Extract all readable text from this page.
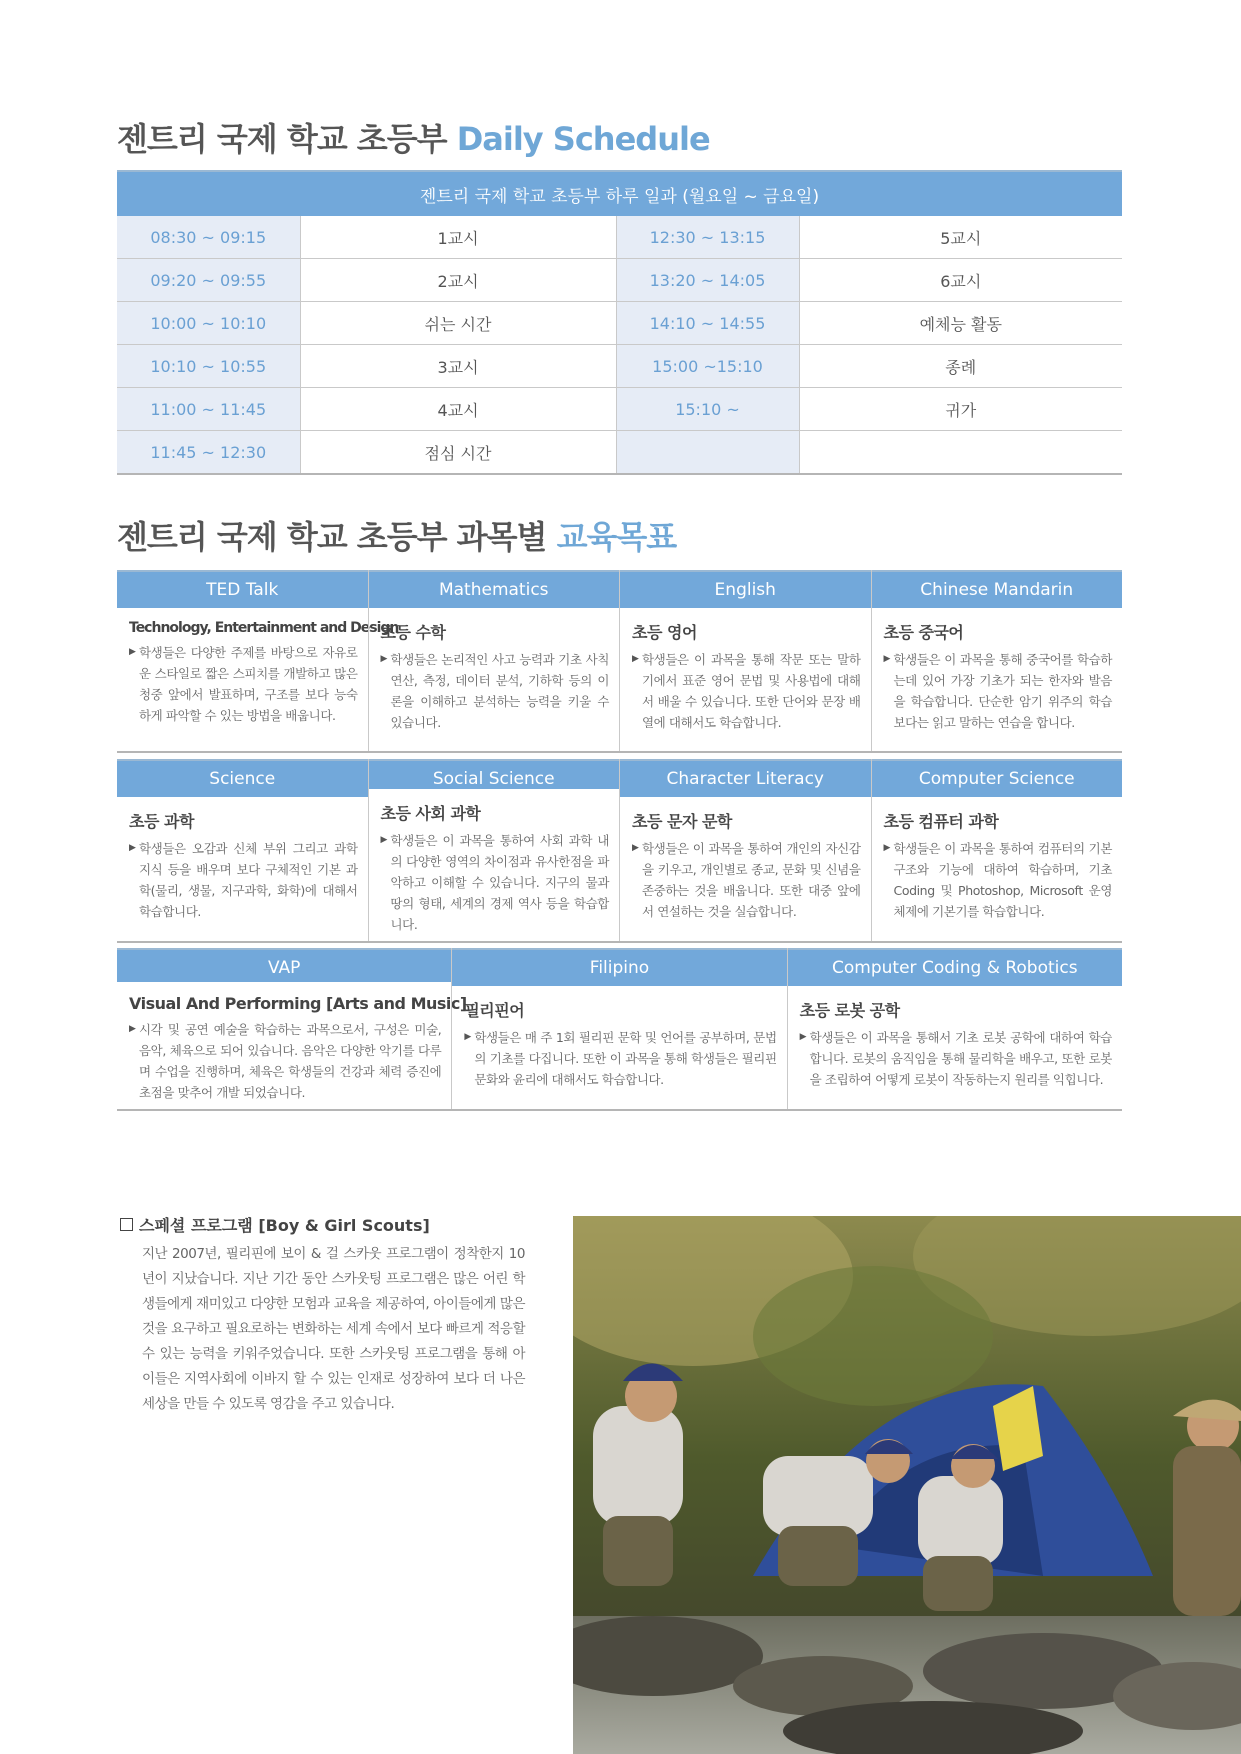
젠트리 국제 학교 초등부 Daily Schedule
젠트리 국제 학교 초등부 하루 일과 (월요일 ~ 금요일)			
08:30 ~ 09:15	1교시	12:30 ~ 13:15	5교시
09:20 ~ 09:55	2교시	13:20 ~ 14:05	6교시
10:00 ~ 10:10	쉬는 시간	14:10 ~ 14:55	예체능 활동
10:10 ~ 10:55	3교시	15:00 ~15:10	종례
11:00 ~ 11:45	4교시	15:10 ~	귀가
11:45 ~ 12:30	점심 시간		
젠트리 국제 학교 초등부 과목별 교육목표
TED Talk
Technology, Entertainment and Design

▶ 학생들은 다양한 주제를 바탕으로 자유로운 스타일로 짧은 스피치를 개발하고 많은 청중 앞에서 발표하며, 구조를 보다 능숙하게 파악할 수 있는 방법을 배웁니다.

Mathematics
초등 수학

▶ 학생들은 논리적인 사고 능력과 기초 사칙연산, 측정, 데이터 분석, 기하학 등의 이론을 이해하고 분석하는 능력을 키울 수 있습니다.

English
초등 영어

▶ 학생들은 이 과목을 통해 작문 또는 말하기에서 표준 영어 문법 및 사용법에 대해서 배울 수 있습니다. 또한 단어와 문장 배열에 대해서도 학습합니다.

Chinese Mandarin
초등 중국어

▶ 학생들은 이 과목을 통해 중국어를 학습하는데 있어 가장 기초가 되는 한자와 발음을 학습합니다. 단순한 암기 위주의 학습보다는 읽고 말하는 연습을 합니다.

Science
초등 과학

▶ 학생들은 오감과 신체 부위 그리고 과학 지식 등을 배우며 보다 구체적인 기본 과학(물리, 생물, 지구과학, 화학)에 대해서 학습합니다.

Social Science
초등 사회 과학

▶ 학생들은 이 과목을 통하여 사회 과학 내의 다양한 영역의 차이점과 유사한점을 파악하고 이해할 수 있습니다. 지구의 물과 땅의 형태, 세계의 경제 역사 등을 학습합니다.

Character Literacy
초등 문자 문학

▶ 학생들은 이 과목을 통하여 개인의 자신감을 키우고, 개인별로 종교, 문화 및 신념을 존중하는 것을 배웁니다. 또한 대중 앞에서 연설하는 것을 실습합니다.

Computer Science
초등 컴퓨터 과학

▶ 학생들은 이 과목을 통하여 컴퓨터의 기본 구조와 기능에 대하여 학습하며, 기초 Coding 및 Photoshop, Microsoft 운영체제에 기본기를 학습합니다.

VAP
Visual And Performing [Arts and Music]

▶ 시각 및 공연 예술을 학습하는 과목으로서, 구성은 미술, 음악, 체육으로 되어 있습니다. 음악은 다양한 악기를 다루며 수업을 진행하며, 체육은 학생들의 건강과 체력 증진에 초점을 맞추어 개발 되었습니다.

Filipino
필리핀어

▶ 학생들은 매 주 1회 필리핀 문학 및 언어를 공부하며, 문법의 기초를 다집니다. 또한 이 과목을 통해 학생들은 필리핀 문화와 윤리에 대해서도 학습합니다.

Computer Coding & Robotics
초등 로봇 공학

▶ 학생들은 이 과목을 통해서 기초 로봇 공학에 대하여 학습 합니다. 로봇의 움직임을 통해 물리학을 배우고, 또한 로봇을 조립하여 어떻게 로봇이 작동하는지 원리를 익힙니다.

스페셜 프로그램 [Boy & Girl Scouts]

지난 2007년, 필리핀에 보이 & 걸 스카웃 프로그램이 정착한지 10년이 지났습니다. 지난 기간 동안 스카웃팅 프로그램은 많은 어린 학생들에게 재미있고 다양한 모험과 교육을 제공하여, 아이들에게 많은 것을 요구하고 필요로하는 변화하는 세계 속에서 보다 빠르게 적응할 수 있는 능력을 키워주었습니다. 또한 스카웃팅 프로그램을 통해 아이들은 지역사회에 이바지 할 수 있는 인재로 성장하여 보다 더 나은 세상을 만들 수 있도록 영감을 주고 있습니다.
